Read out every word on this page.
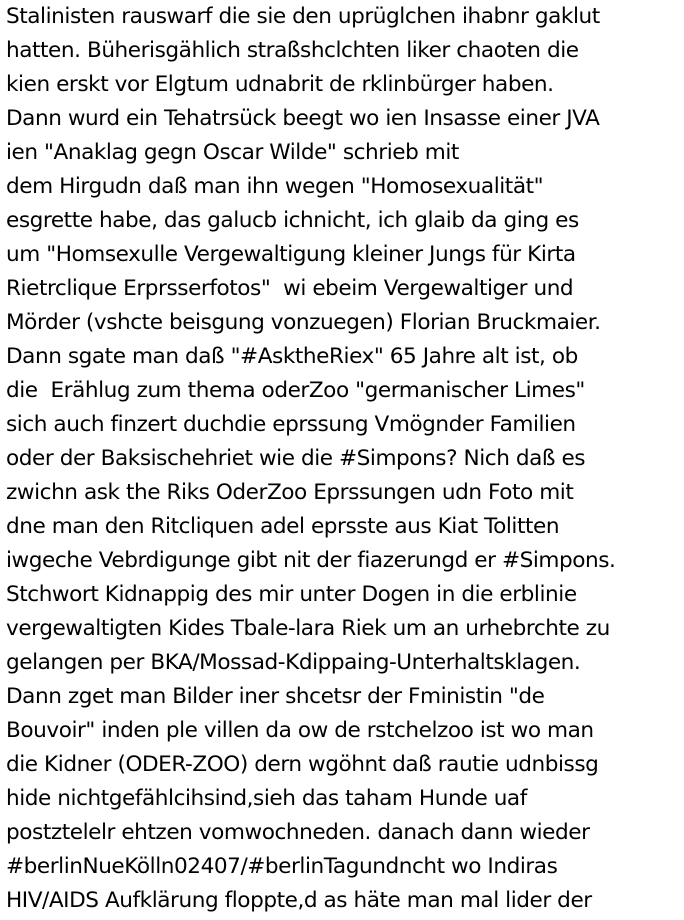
Stalinisten rauswarf die sie den uprüglchen ihabnr gaklut
hatten. Büherisgählich straßshclchten liker chaoten die
kien erskt vor Elgtum udnabrit de rklinbürger haben.
Dann wurd ein Tehatrsück beegt wo ien Insasse einer JVA
ien "Anaklag gegn Oscar Wilde" schrieb mit
dem Hirgudn daß man ihn wegen "Homosexualität"
esgrette habe, das galucb ichnicht, ich glaib da ging es
um "Homsexulle Vergewaltigung kleiner Jungs für Kirta
Rietrclique Erprsserfotos"  wi ebeim Vergewaltiger und
Mörder (vshcte beisgung vonzuegen) Florian Bruckmaier.
Dann sgate man daß "#AsktheRiex" 65 Jahre alt ist, ob
die  Erählug zum thema oderZoo "germanischer Limes"
sich auch finzert duchdie eprssung Vmögnder Familien
oder der Baksischehriet wie die #Simpons? Nich daß es
zwichn ask the Riks OderZoo Eprssungen udn Foto mit
dne man den Ritcliquen adel eprsste aus Kiat Tolitten
iwgeche Vebrdigunge gibt nit der fiazerungd er #Simpons.
Stchwort Kidnappig des mir unter Dogen in die erblinie
vergewaltigten Kides Tbale-lara Riek um an urhebrchte zu
gelangen per BKA/Mossad-Kdippaing-Unterhaltsklagen.
Dann zget man Bilder iner shcetsr der Fministin "de
Bouvoir" inden ple villen da ow de rstchelzoo ist wo man
die Kidner (ODER-ZOO) dern wgöhnt daß rautie udnbissg
hide nichtgefählcihsind,sieh das taham Hunde uaf
postztelelr ehtzen vomwochneden. danach dann wieder
#berlinNueKölln02407/#berlinTagundncht wo Indiras
HIV/AIDS Aufklärung floppte,d as häte man mal lider der
